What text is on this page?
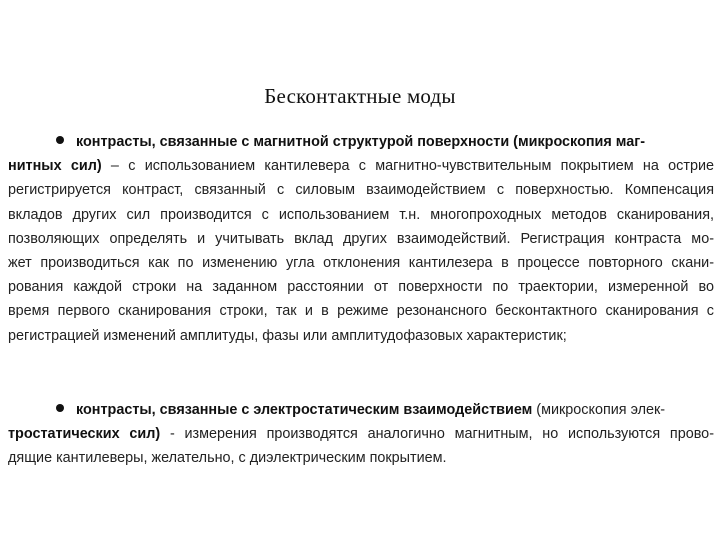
Бесконтактные моды
контрасты, связанные с магнитной структурой поверхности (микроскопия маг-
нитных сил) – с использованием кантилевера с магнитно-чувствительным покрытием на острие
регистрируется контраст, связанный с силовым взаимодействием с поверхностью. Компенсация
вкладов других сил производится с использованием т.н. многопроходных методов сканирования,
позволяющих определять и учитывать вклад других взаимодействий. Регистрация контраста мо-
жет производиться как по изменению угла отклонения кантилезера в процессе повторного скани-
рования каждой строки на заданном расстоянии от поверхности по траектории, измеренной во
время первого сканирования строки, так и в режиме резонансного бесконтактного сканирования с
регистрацией изменений амплитуды, фазы или амплитудофазовых характеристик;
контрасты, связанные с электростатическим взаимодействием (микроскопия элек-
тростатических сил) - измерения производятся аналогично магнитным, но используются прово-
дящие кантилеверы, желательно, с диэлектрическим покрытием.
